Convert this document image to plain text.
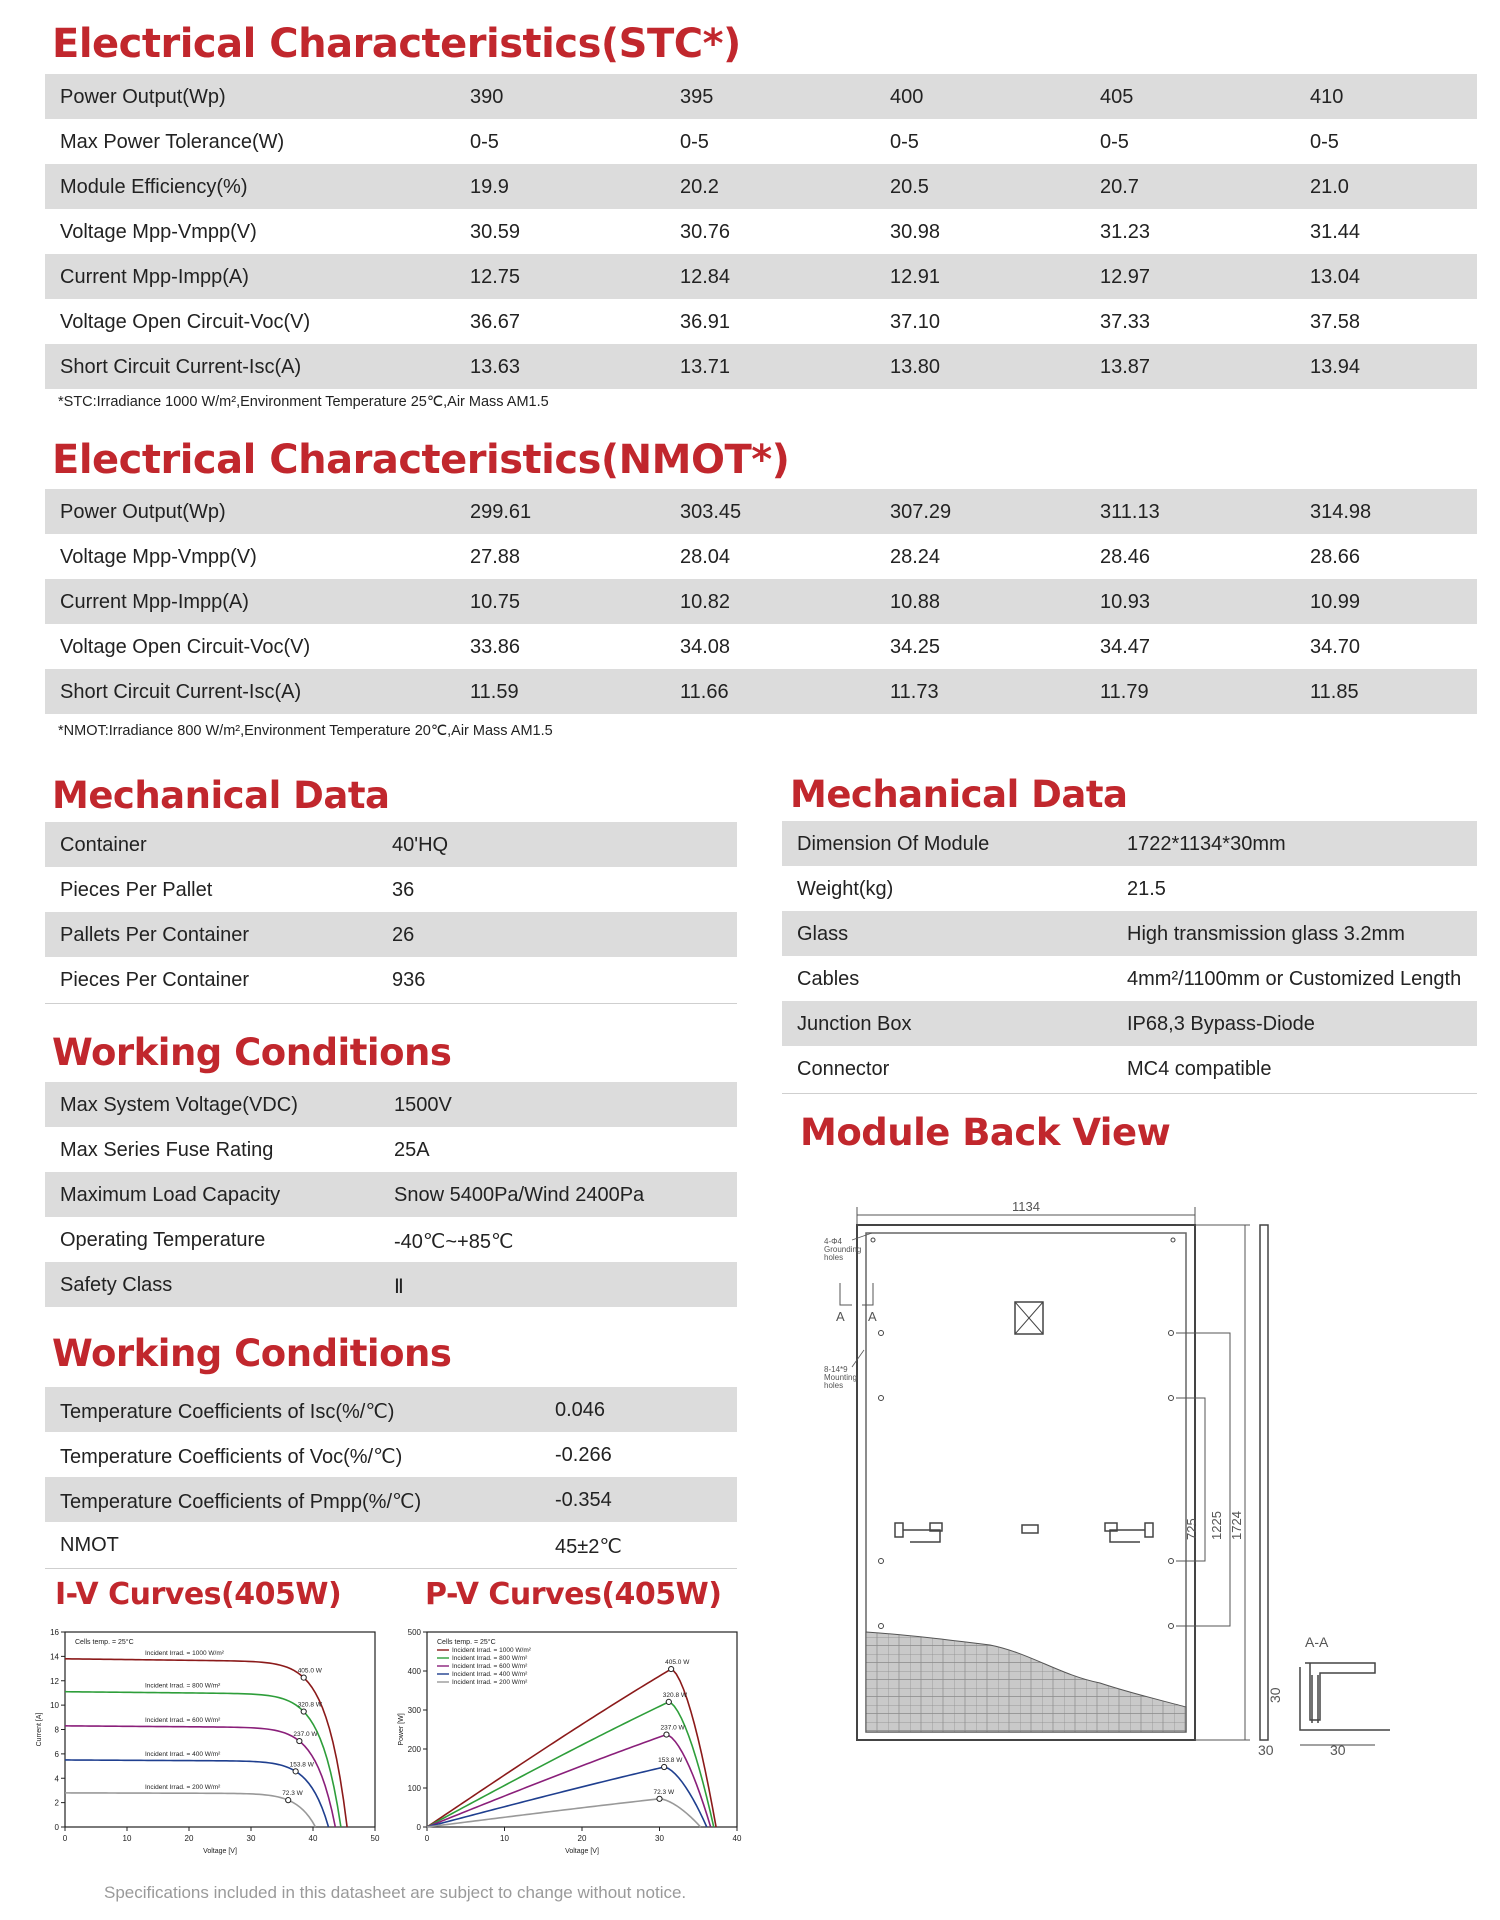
Electrical Characteristics(STC*)
Power Output(Wp)	390	395	400	405	410
Max Power Tolerance(W)	0-5	0-5	0-5	0-5	0-5
Module Efficiency(%)	19.9	20.2	20.5	20.7	21.0
Voltage Mpp-Vmpp(V)	30.59	30.76	30.98	31.23	31.44
Current Mpp-Impp(A)	12.75	12.84	12.91	12.97	13.04
Voltage Open Circuit-Voc(V)	36.67	36.91	37.10	37.33	37.58
Short Circuit Current-Isc(A)	13.63	13.71	13.80	13.87	13.94
*STC:Irradiance 1000 W/m²,Environment Temperature 25℃,Air Mass AM1.5
Electrical Characteristics(NMOT*)
Power Output(Wp)	299.61	303.45	307.29	311.13	314.98
Voltage Mpp-Vmpp(V)	27.88	28.04	28.24	28.46	28.66
Current Mpp-Impp(A)	10.75	10.82	10.88	10.93	10.99
Voltage Open Circuit-Voc(V)	33.86	34.08	34.25	34.47	34.70
Short Circuit Current-Isc(A)	11.59	11.66	11.73	11.79	11.85
*NMOT:Irradiance 800 W/m²,Environment Temperature 20℃,Air Mass AM1.5
Mechanical Data
Container	40'HQ
Pieces Per Pallet	36
Pallets Per Container	26
Pieces Per Container	936
Mechanical Data
Dimension Of Module	1722*1134*30mm
Weight(kg)	21.5
Glass	High transmission glass 3.2mm
Cables	4mm²/1100mm or Customized Length
Junction Box	IP68,3 Bypass-Diode
Connector	MC4 compatible
Working Conditions
Max System Voltage(VDC)	1500V
Max Series Fuse Rating	25A
Maximum Load Capacity	Snow 5400Pa/Wind 2400Pa
Operating Temperature	-40℃~+85℃
Safety Class	Ⅱ
Working Conditions
Temperature Coefficients of Isc(%/℃)	0.046
Temperature Coefficients of Voc(%/℃)	-0.266
Temperature Coefficients of Pmpp(%/℃)	-0.354
NMOT	45±2℃
I-V Curves(405W)	P-V Curves(405W)
0
2
4
6
8
10
12
14
16
0	10	20	30	40	50
Voltage [V]
Current [A]
Cells temp. = 25°C
Incident Irrad. = 1000 W/m²
405.0 W
Incident Irrad. = 800 W/m²
320.8 W
Incident Irrad. = 600 W/m²
237.0 W
Incident Irrad. = 400 W/m²
153.8 W
Incident Irrad. = 200 W/m²
72.3 W
0
100
200
300
400
500
0	10	20	30	40
Voltage [V]
Power [W]
Cells temp. = 25°C
Incident Irrad. = 1000 W/m²
405.0 W
Incident Irrad. = 800 W/m²
320.8 W
Incident Irrad. = 600 W/m²
237.0 W
Incident Irrad. = 400 W/m²
153.8 W
Incident Irrad. = 200 W/m²
72.3 W
Specifications included in this datasheet are subject to change without notice.
Module Back View
1134
725 1225 1724
4-Φ4
Grounding
holes
A A
8-14*9
Mounting
holes
A-A
30
30	30
